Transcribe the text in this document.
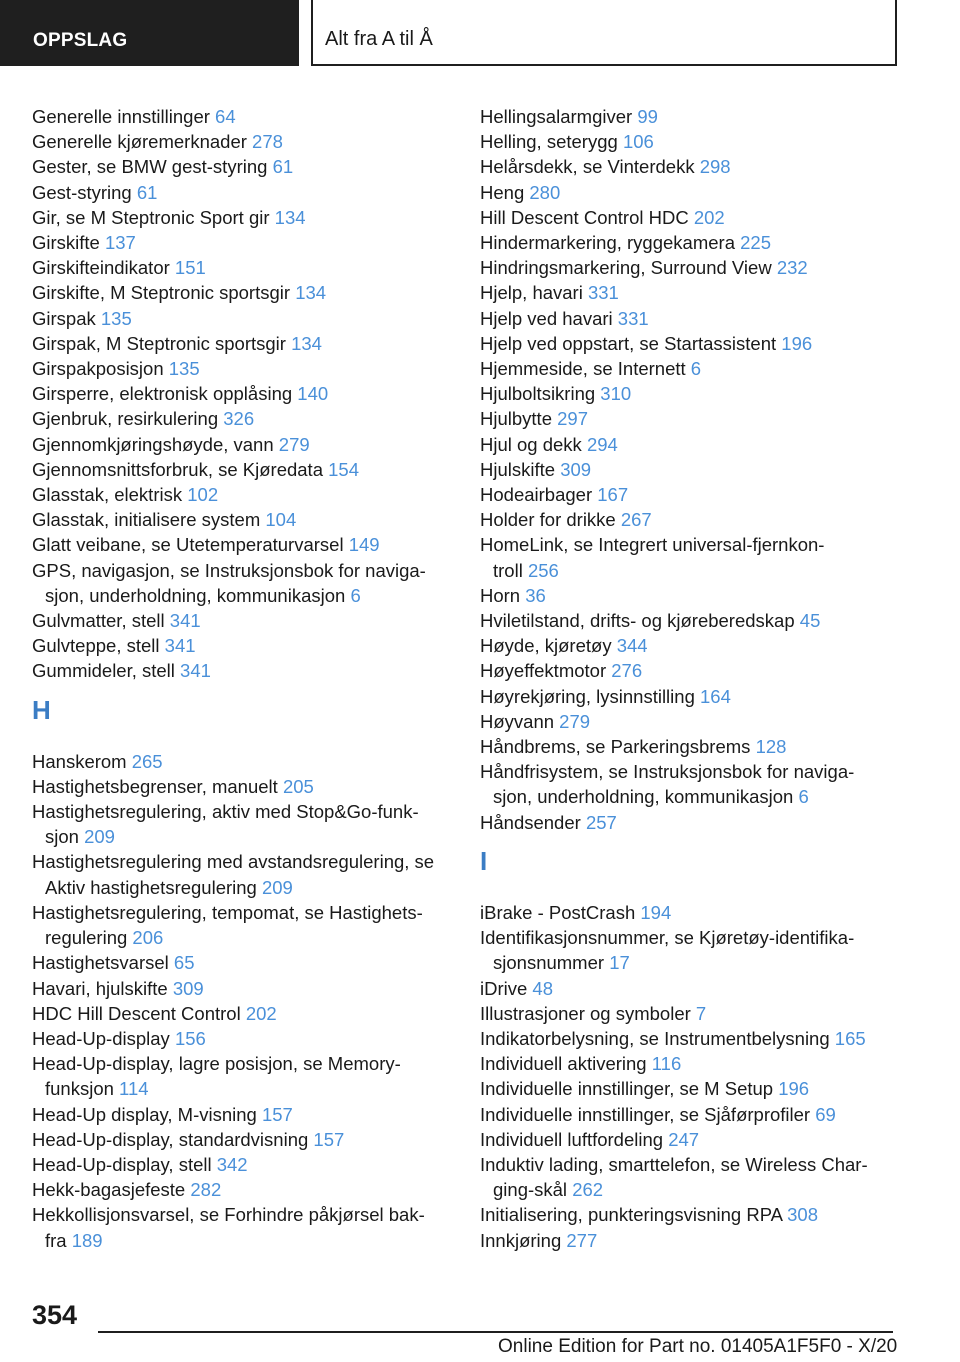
OPPSLAG	Alt fra A til Å
Generelle innstillinger 64
Generelle kjøremerknader 278
Gester, se BMW gest-styring 61
Gest-styring 61
Gir, se M Steptronic Sport gir 134
Girskifte 137
Girskifteindikator 151
Girskifte, M Steptronic sportsgir 134
Girspak 135
Girspak, M Steptronic sportsgir 134
Girspakposisjon 135
Girsperre, elektronisk opplåsing 140
Gjenbruk, resirkulering 326
Gjennomkjøringshøyde, vann 279
Gjennomsnittsforbruk, se Kjøredata 154
Glasstak, elektrisk 102
Glasstak, initialisere system 104
Glatt veibane, se Utetemperaturvarsel 149
GPS, navigasjon, se Instruksjonsbok for naviga-
sjon, underholdning, kommunikasjon 6
Gulvmatter, stell 341
Gulvteppe, stell 341
Gummideler, stell 341
H
Hanskerom 265
Hastighetsbegrenser, manuelt 205
Hastighetsregulering, aktiv med Stop&Go-funk-
sjon 209
Hastighetsregulering med avstandsregulering, se
Aktiv hastighetsregulering 209
Hastighetsregulering, tempomat, se Hastighets-
regulering 206
Hastighetsvarsel 65
Havari, hjulskifte 309
HDC Hill Descent Control 202
Head-Up-display 156
Head-Up-display, lagre posisjon, se Memory-
funksjon 114
Head-Up display, M-visning 157
Head-Up-display, standardvisning 157
Head-Up-display, stell 342
Hekk-bagasjefeste 282
Hekkollisjonsvarsel, se Forhindre påkjørsel bak-
fra 189
Hellingsalarmgiver 99
Helling, seterygg 106
Helårsdekk, se Vinterdekk 298
Heng 280
Hill Descent Control HDC 202
Hindermarkering, ryggekamera 225
Hindringsmarkering, Surround View 232
Hjelp, havari 331
Hjelp ved havari 331
Hjelp ved oppstart, se Startassistent 196
Hjemmeside, se Internett 6
Hjulboltsikring 310
Hjulbytte 297
Hjul og dekk 294
Hjulskifte 309
Hodeairbager 167
Holder for drikke 267
HomeLink, se Integrert universal-fjernkon-
troll 256
Horn 36
Hviletilstand, drifts- og kjøreberedskap 45
Høyde, kjøretøy 344
Høyeffektmotor 276
Høyrekjøring, lysinnstilling 164
Høyvann 279
Håndbrems, se Parkeringsbrems 128
Håndfrisystem, se Instruksjonsbok for naviga-
sjon, underholdning, kommunikasjon 6
Håndsender 257
I
iBrake - PostCrash 194
Identifikasjonsnummer, se Kjøretøy-identifika-
sjonsnummer 17
iDrive 48
Illustrasjoner og symboler 7
Indikatorbelysning, se Instrumentbelysning 165
Individuell aktivering 116
Individuelle innstillinger, se M Setup 196
Individuelle innstillinger, se Sjåførprofiler 69
Individuell luftfordeling 247
Induktiv lading, smarttelefon, se Wireless Char-
ging-skål 262
Initialisering, punkteringsvisning RPA 308
Innkjøring 277
354
Online Edition for Part no. 01405A1F5F0 - X/20
